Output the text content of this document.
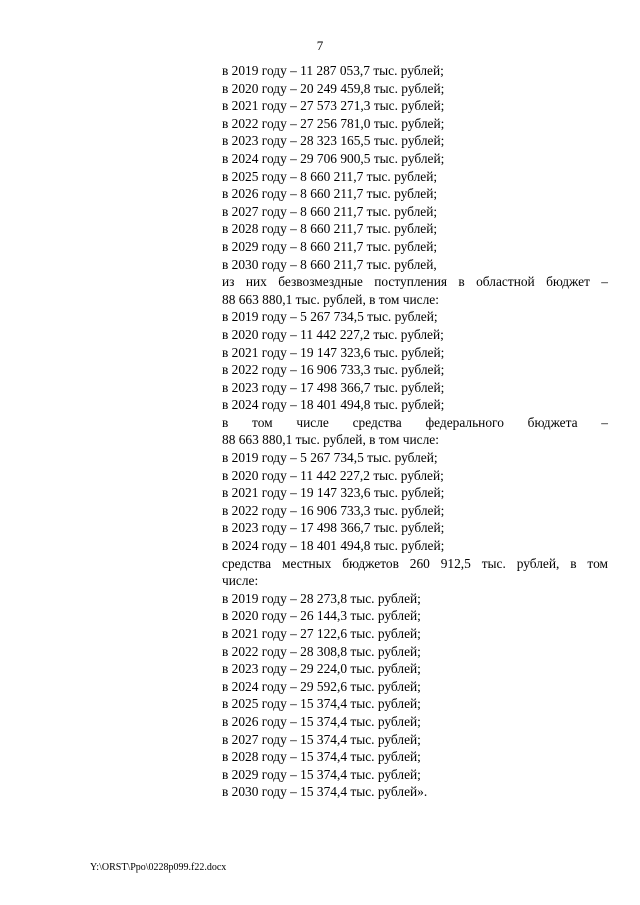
7
в 2019 году – 11 287 053,7 тыс. рублей;
в 2020 году – 20 249 459,8 тыс. рублей;
в 2021 году – 27 573 271,3 тыс. рублей;
в 2022 году – 27 256 781,0 тыс. рублей;
в 2023 году – 28 323 165,5 тыс. рублей;
в 2024 году – 29 706 900,5 тыс. рублей;
в 2025 году – 8 660 211,7 тыс. рублей;
в 2026 году – 8 660 211,7 тыс. рублей;
в 2027 году – 8 660 211,7 тыс. рублей;
в 2028 году – 8 660 211,7 тыс. рублей;
в 2029 году – 8 660 211,7 тыс. рублей;
в 2030 году – 8 660 211,7 тыс. рублей,
из них безвозмездные поступления в областной бюджет –
88 663 880,1 тыс. рублей, в том числе:
в 2019 году – 5 267 734,5 тыс. рублей;
в 2020 году – 11 442 227,2 тыс. рублей;
в 2021 году – 19 147 323,6 тыс. рублей;
в 2022 году – 16 906 733,3 тыс. рублей;
в 2023 году – 17 498 366,7 тыс. рублей;
в 2024 году – 18 401 494,8 тыс. рублей;
в том числе средства федерального бюджета –
88 663 880,1 тыс. рублей, в том числе:
в 2019 году – 5 267 734,5 тыс. рублей;
в 2020 году – 11 442 227,2 тыс. рублей;
в 2021 году – 19 147 323,6 тыс. рублей;
в 2022 году – 16 906 733,3 тыс. рублей;
в 2023 году – 17 498 366,7 тыс. рублей;
в 2024 году – 18 401 494,8 тыс. рублей;
средства местных бюджетов 260 912,5 тыс. рублей, в том
числе:
в 2019 году – 28 273,8 тыс. рублей;
в 2020 году – 26 144,3 тыс. рублей;
в 2021 году – 27 122,6 тыс. рублей;
в 2022 году – 28 308,8 тыс. рублей;
в 2023 году – 29 224,0 тыс. рублей;
в 2024 году – 29 592,6 тыс. рублей;
в 2025 году – 15 374,4 тыс. рублей;
в 2026 году – 15 374,4 тыс. рублей;
в 2027 году – 15 374,4 тыс. рублей;
в 2028 году – 15 374,4 тыс. рублей;
в 2029 году – 15 374,4 тыс. рублей;
в 2030 году – 15 374,4 тыс. рублей».
Y:\ORST\Ppo\0228p099.f22.docx
